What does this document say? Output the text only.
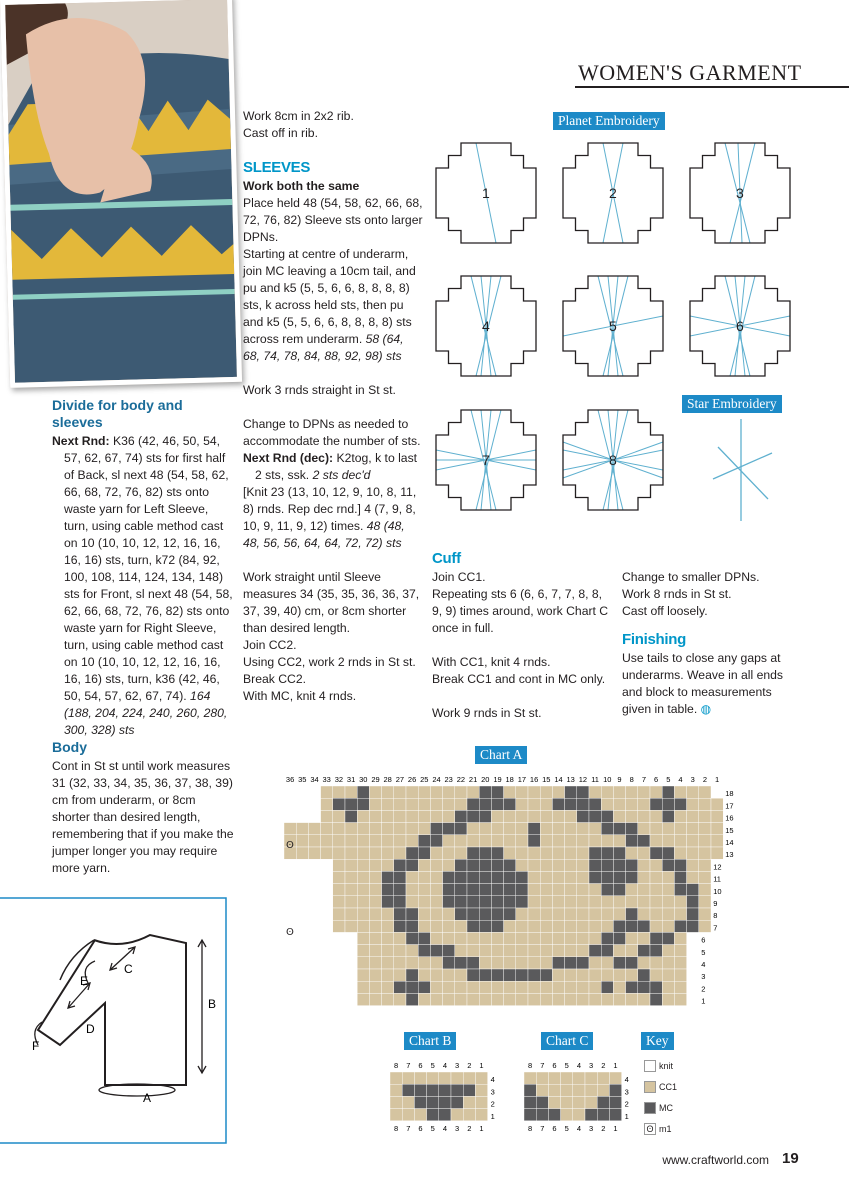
WOMEN'S GARMENT

Work 8cm in 2x2 rib.

Cast off in rib.

SLEEVES

Work both the same

Place held 48 (54, 58, 62, 66, 68, 72, 76, 82) Sleeve sts onto larger DPNs.

Starting at centre of underarm, join MC leaving a 10cm tail, and pu and k5 (5, 5, 6, 6, 8, 8, 8, 8) sts, k across held sts, then pu and k5 (5, 5, 6, 6, 8, 8, 8, 8) sts across rem underarm. 58 (64, 68, 74, 78, 84, 88, 92, 98) sts

Work 3 rnds straight in St st.

Change to DPNs as needed to accommodate the number of sts.

Next Rnd (dec): K2tog, k to last 2 sts, ssk. 2 sts dec'd

[Knit 23 (13, 10, 12, 9, 10, 8, 11, 8) rnds. Rep dec rnd.] 4 (7, 9, 8, 10, 9, 11, 9, 12) times. 48 (48, 48, 56, 56, 64, 64, 72, 72) sts

Work straight until Sleeve measures 34 (35, 35, 36, 36, 37, 37, 39, 40) cm, or 8cm shorter than desired length.

Join CC2.

Using CC2, work 2 rnds in St st.

Break CC2.

With MC, knit 4 rnds.

Divide for body and sleeves

Next Rnd: K36 (42, 46, 50, 54, 57, 62, 67, 74) sts for first half of Back, sl next 48 (54, 58, 62, 66, 68, 72, 76, 82) sts onto waste yarn for Left Sleeve, turn, using cable method cast on 10 (10, 10, 12, 12, 16, 16, 16, 16) sts, turn, k72 (84, 92, 100, 108, 114, 124, 134, 148) sts for Front, sl next 48 (54, 58, 62, 66, 68, 72, 76, 82) sts onto waste yarn for Right Sleeve, turn, using cable method cast on 10 (10, 10, 12, 12, 16, 16, 16, 16) sts, turn, k36 (42, 46, 50, 54, 57, 62, 67, 74). 164 (188, 204, 224, 240, 260, 280, 300, 328) sts

Body

Cont in St st until work measures 31 (32, 33, 34, 35, 36, 37, 38, 39) cm from underarm, or 8cm shorter than desired length, remembering that if you make the jumper longer you may require more yarn.

Cuff

Join CC1.

Repeating sts 6 (6, 6, 7, 7, 8, 8, 9, 9) times around, work Chart C once in full.

With CC1, knit 4 rnds.

Break CC1 and cont in MC only.

Work 9 rnds in St st.

Change to smaller DPNs.

Work 8 rnds in St st.

Cast off loosely.

Finishing

Use tails to close any gaps at underarms. Weave in all ends and block to measurements given in table. ◍

Planet Embroidery
Star Embroidery
Chart A
Chart B	Chart C	Key
1	2	3
4	5	6
7	8
C
D
E
F
B
A
36 35 34 33 32 31 30 29 28 27 26 25 24 23 22 21 20 19 18 17 16 15 14 13 12 11 10 9 8 7 6 5 4 3 2 1
18
17
16
15
14
13
12
11
10
9
8
7
6
5
4
3
2
1
ʘ
ʘ
8
8
7
7
6
6
5
5
4
4
3
3
2
2
1
1
4
3
2
1
8
8
7
7
6
6
5
5
4
4
3
3
2
2
1
1
4
3
2
1
knit
CC1
MC
ʘ m1
www.craftworld.com 19
